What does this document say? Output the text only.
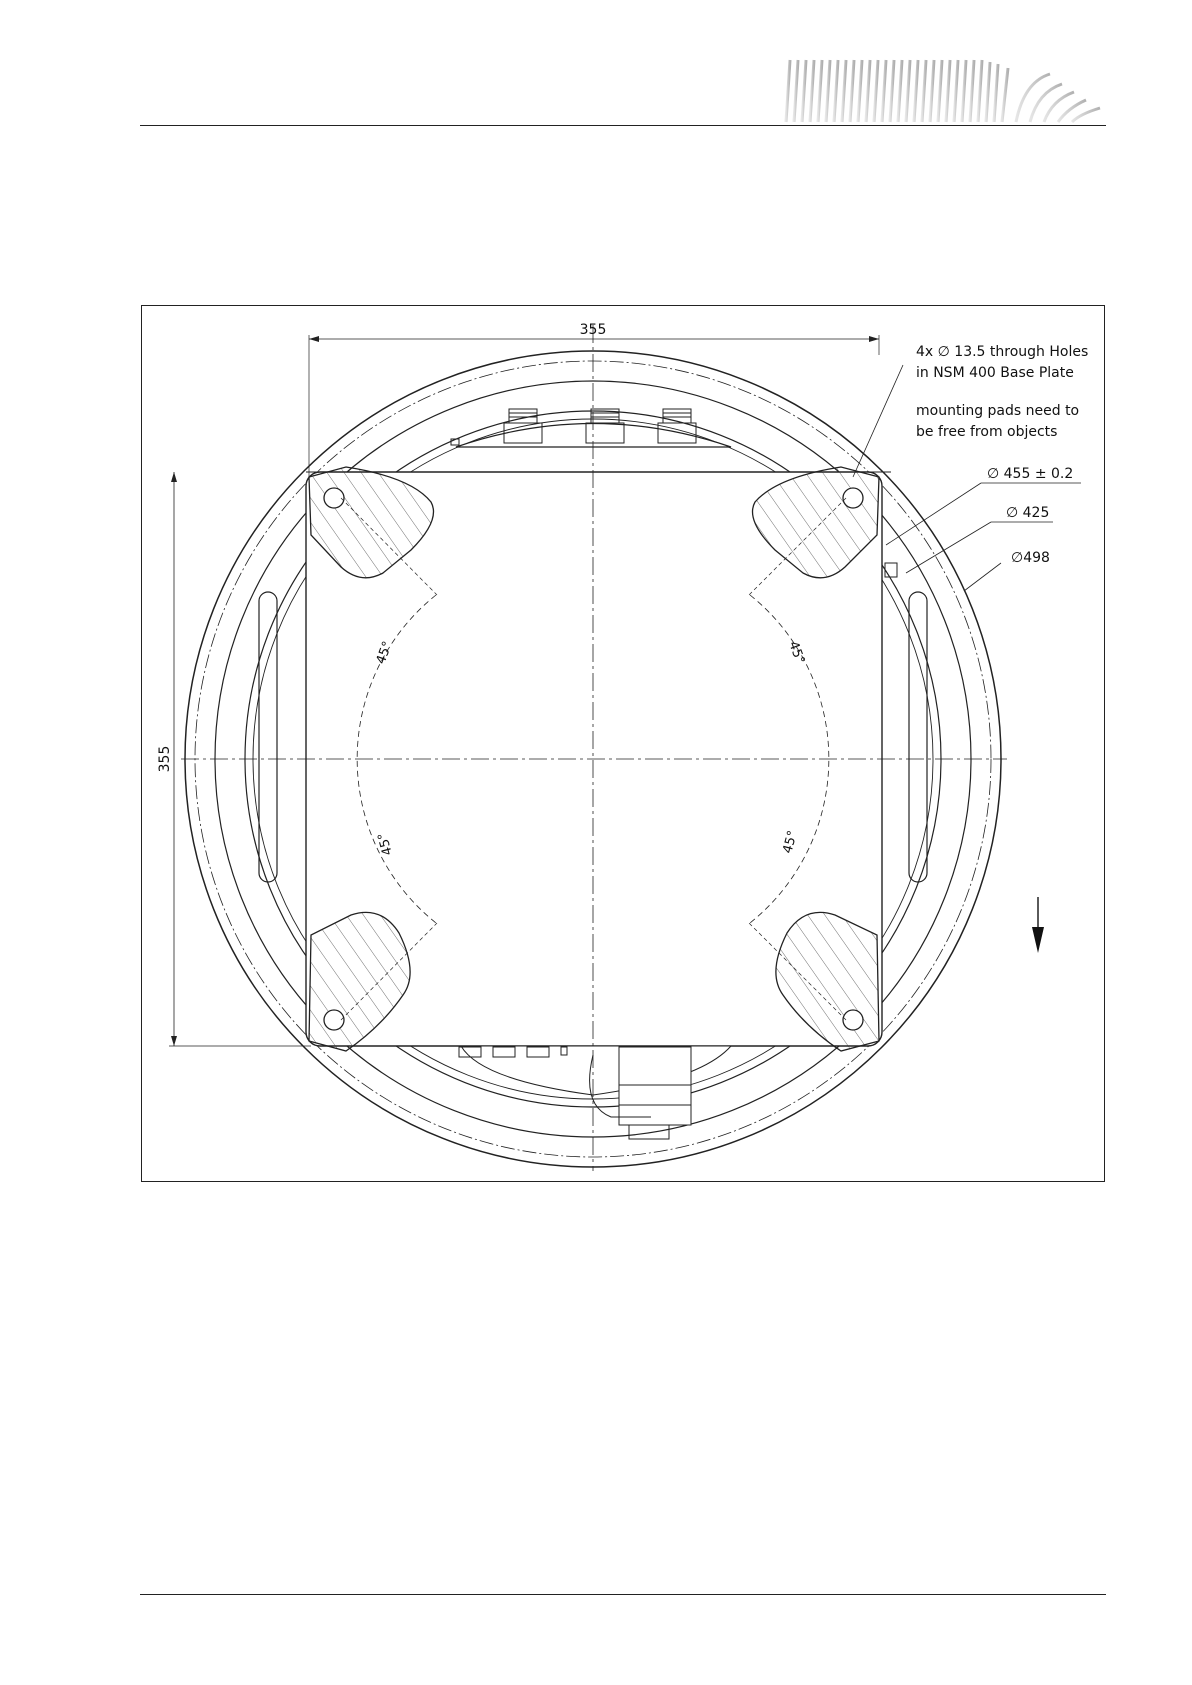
355
355
4x ∅ 13.5 through Holes
in NSM 400 Base Plate
mounting pads need to
be free from objects
∅ 455 ± 0.2
∅ 425
∅498
45°	45°
45°	45°
